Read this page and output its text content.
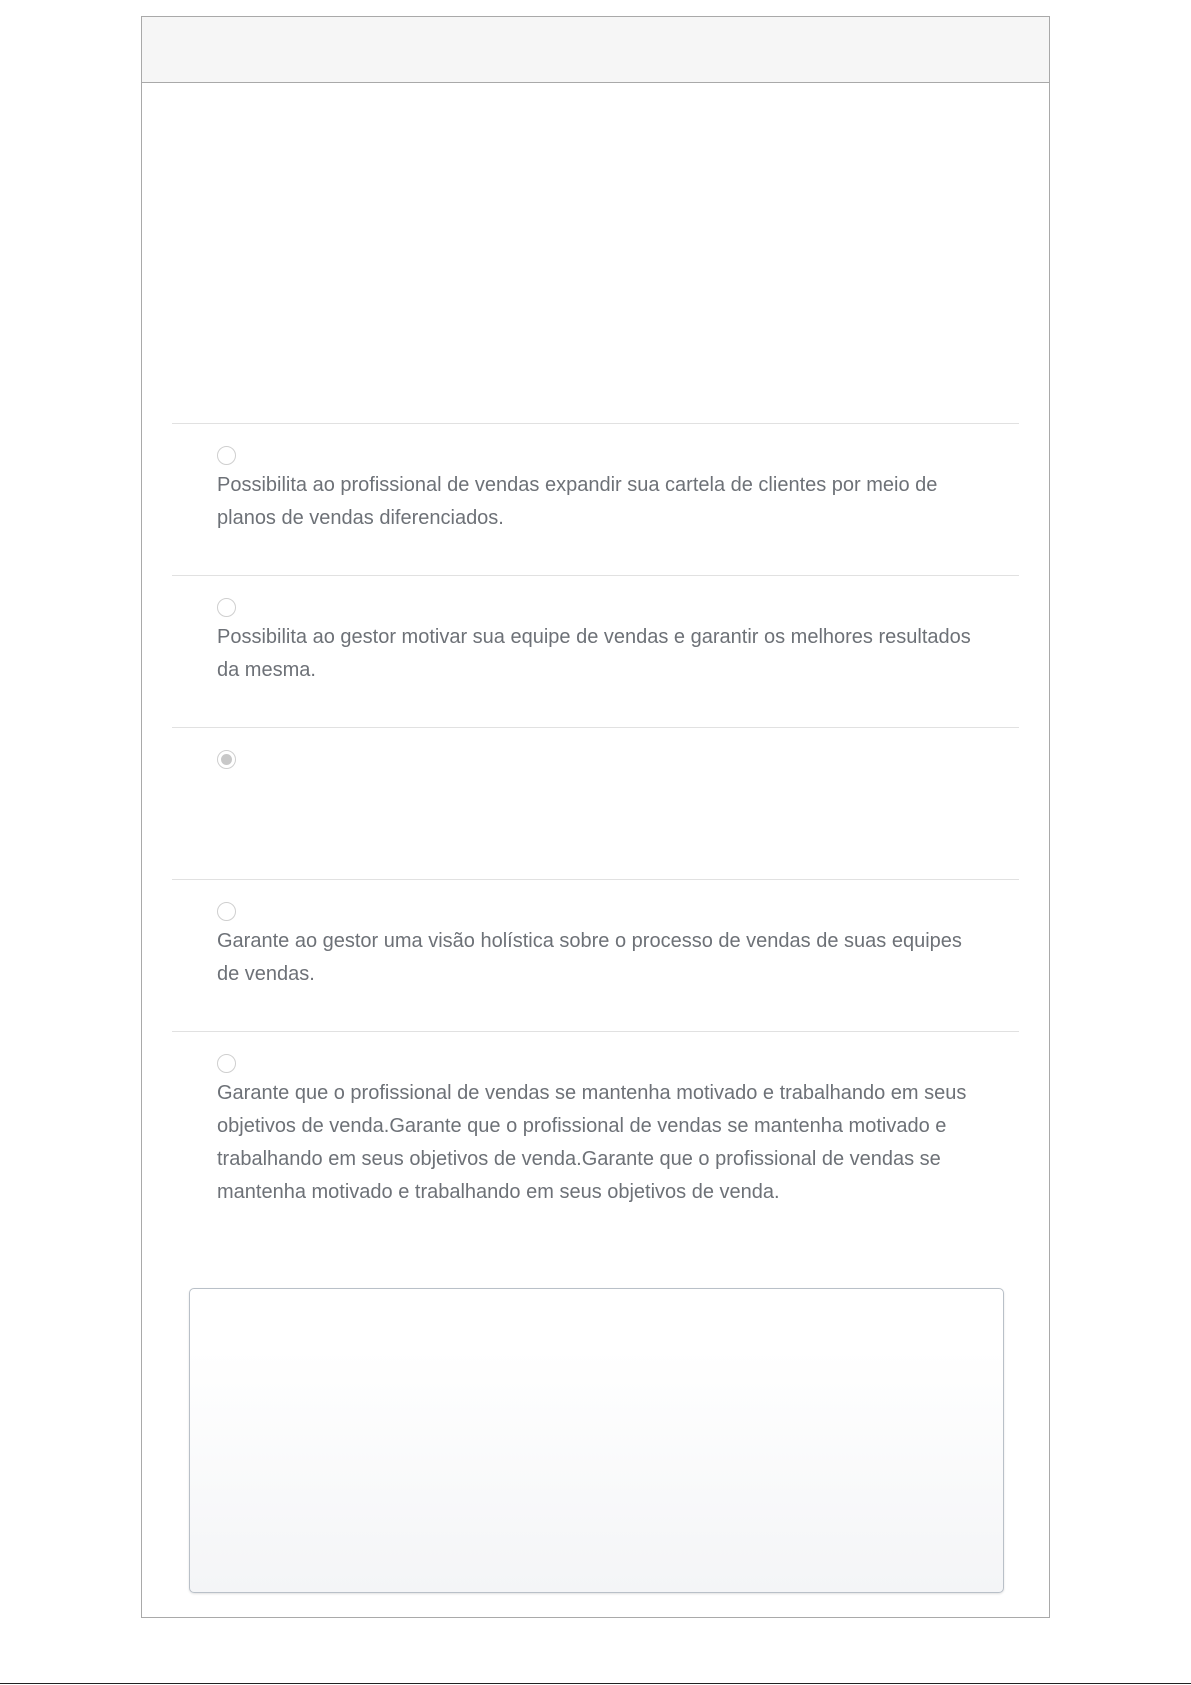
Possibilita ao profissional de vendas expandir sua cartela de clientes por meio de planos de vendas diferenciados.
Possibilita ao gestor motivar sua equipe de vendas e garantir os melhores resultados da mesma.
Garante ao gestor uma visão holística sobre o processo de vendas de suas equipes de vendas.
Garante que o profissional de vendas se mantenha motivado e trabalhando em seus objetivos de venda.Garante que o profissional de vendas se mantenha motivado e trabalhando em seus objetivos de venda.Garante que o profissional de vendas se mantenha motivado e trabalhando em seus objetivos de venda.
